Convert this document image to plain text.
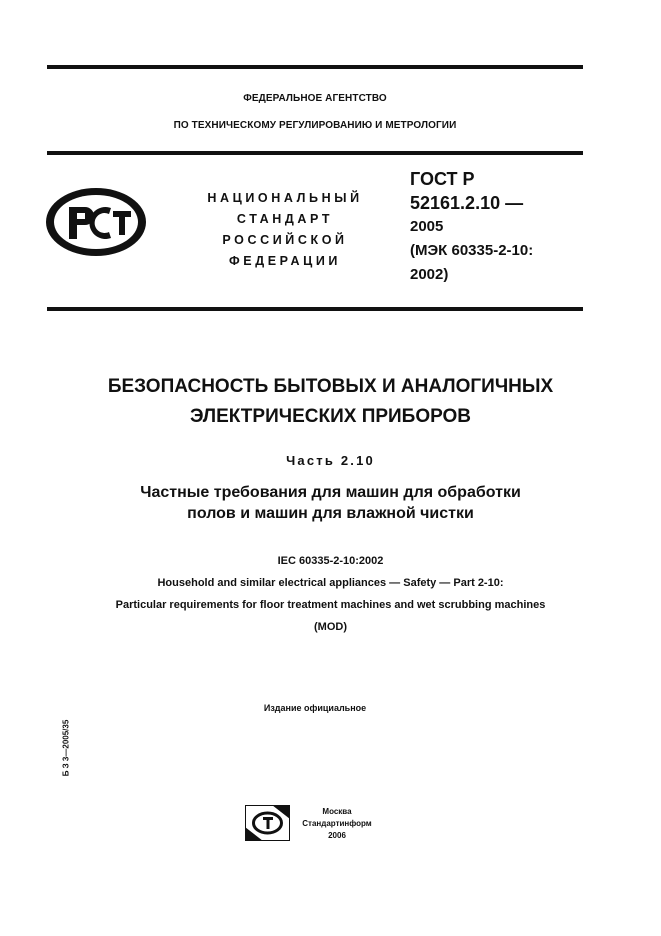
ФЕДЕРАЛЬНОЕ АГЕНТСТВО
ПО ТЕХНИЧЕСКОМУ РЕГУЛИРОВАНИЮ И МЕТРОЛОГИИ
НАЦИОНАЛЬНЫЙ
СТАНДАРТ
РОССИЙСКОЙ
ФЕДЕРАЦИИ
ГОСТ Р
52161.2.10 —
2005
(МЭК 60335-2-10:
2002)
БЕЗОПАСНОСТЬ БЫТОВЫХ И АНАЛОГИЧНЫХ
ЭЛЕКТРИЧЕСКИХ ПРИБОРОВ
Часть 2.10
Частные требования для машин для обработки
полов и машин для влажной чистки
IEC 60335-2-10:2002
Household and similar electrical appliances — Safety — Part 2-10:
Particular requirements for floor treatment machines and wet scrubbing machines
(MOD)
Издание официальное
Б З 3—2005/35
Москва
Стандартинформ
2006
